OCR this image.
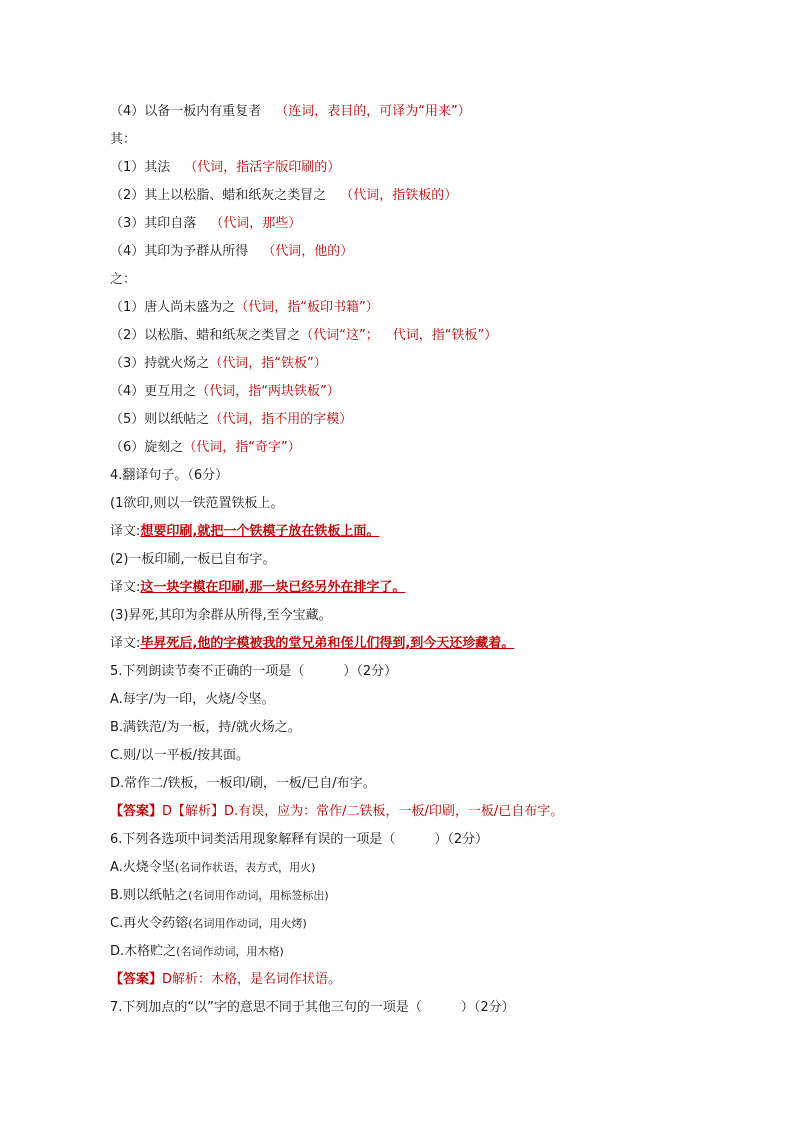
（4）以备一板内有重复者 （连词，表目的，可译为“用来”）
其：
（1）其法 （代词，指活字版印刷的）
（2）其上以松脂、蜡和纸灰之类冒之 （代词，指铁板的）
（3）其印自落 （代词，那些）
（4）其印为予群从所得 （代词，他的）
之：
（1）唐人尚未盛为之（代词，指“板印书籍”）
（2）以松脂、蜡和纸灰之类冒之（代词“这”； 代词，指“铁板”）
（3）持就火炀之（代词，指“铁板”）
（4）更互用之（代词，指“两块铁板”）
（5）则以纸帖之（代词，指不用的字模）
（6）旋刻之（代词，指“奇字”）
4.翻译句子。（6分）
(1欲印,则以一铁范置铁板上。
译文:想要印刷,就把一个铁模子放在铁板上面。
(2)一板印刷,一板已自布字。
译文:这一块字模在印刷,那一块已经另外在排字了。
(3)昇死,其印为余群从所得,至今宝藏。
译文:毕昇死后,他的字模被我的堂兄弟和侄儿们得到,到今天还珍藏着。
5.下列朗读节奏不正确的一项是（　　　）（2分）
A.每字/为一印，火烧/令坚。
B.满铁范/为一板，持/就火炀之。
C.则/以一平板/按其面。
D.常作二/铁板，一板印/刷，一板/已自/布字。
【答案】D【解析】D.有误，应为：常作/二铁板，一板/印刷，一板/已自布字。
6.下列各选项中词类活用现象解释有误的一项是（　　　）（2分）
A.火烧令坚(名词作状语，表方式，用火)
B.则以纸帖之(名词用作动词，用标签标出)
C.再火令药镕(名词用作动词，用火烤)
D.木格贮之(名词作动词，用木格)
【答案】D解析：木格，是名词作状语。
7.下列加点的“以”字的意思不同于其他三句的一项是（　　　）（2分）
